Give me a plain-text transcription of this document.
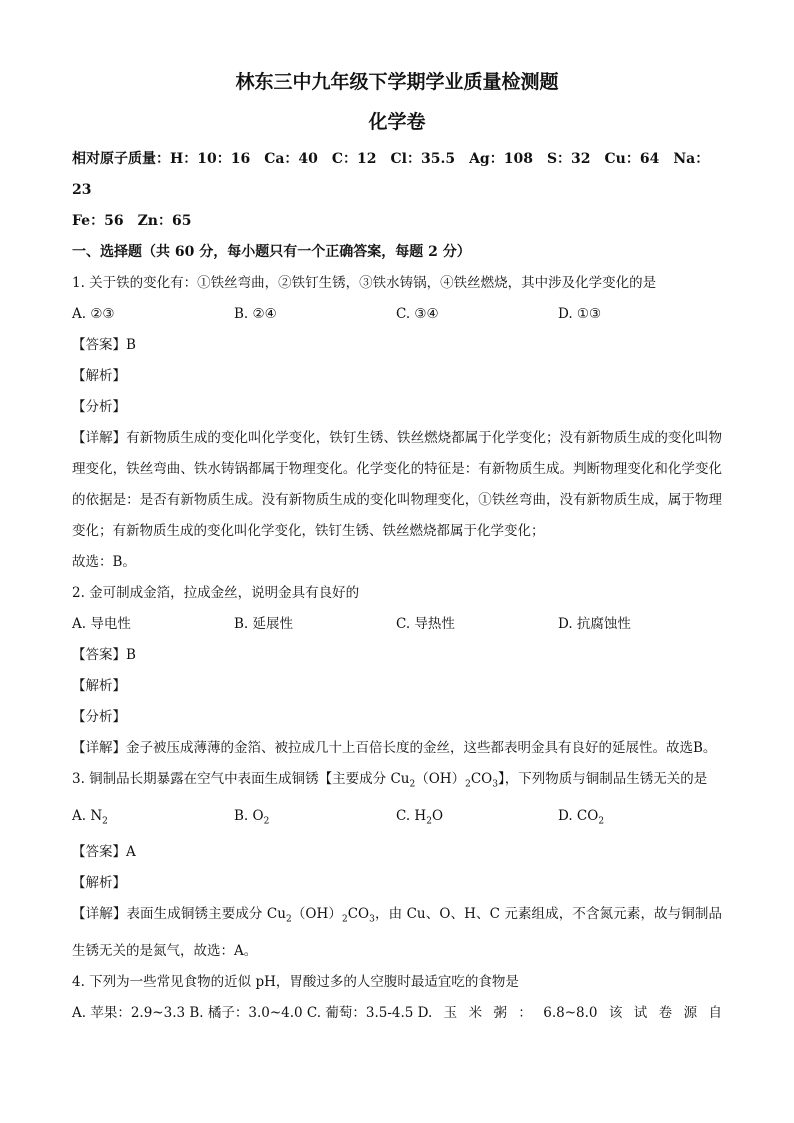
林东三中九年级下学期学业质量检测题
化学卷
相对原子质量：H：10：16　Ca：40　C：12　Cl：35.5　Ag：108　S：32　Cu：64　Na：23
Fe：56　Zn：65
一、选择题（共 60 分，每小题只有一个正确答案，每题 2 分）
1. 关于铁的变化有：①铁丝弯曲，②铁钉生锈，③铁水铸锅，④铁丝燃烧，其中涉及化学变化的是
A. ②③	B. ②④	C. ③④	D. ①③
【答案】B
【解析】
【分析】
【详解】有新物质生成的变化叫化学变化，铁钉生锈、铁丝燃烧都属于化学变化；没有新物质生成的变化叫物理变化，铁丝弯曲、铁水铸锅都属于物理变化。化学变化的特征是：有新物质生成。判断物理变化和化学变化的依据是：是否有新物质生成。没有新物质生成的变化叫物理变化，①铁丝弯曲，没有新物质生成，属于物理变化；有新物质生成的变化叫化学变化，铁钉生锈、铁丝燃烧都属于化学变化；
故选：B。
2. 金可制成金箔，拉成金丝，说明金具有良好的
A. 导电性	B. 延展性	C. 导热性	D. 抗腐蚀性
【答案】B
【解析】
【分析】
【详解】金子被压成薄薄的金箔、被拉成几十上百倍长度的金丝，这些都表明金具有良好的延展性。故选B。
3. 铜制品长期暴露在空气中表面生成铜锈【主要成分 $Cu_2(OH)_2CO_3$】，下列物质与铜制品生锈无关的是
A. $N_2$	B. $O_2$	C. $H_2O$	D. $CO_2$
【答案】A
【解析】
【详解】表面生成铜锈主要成分 $Cu_2(OH)_2CO_3$，由 Cu、O、H、C 元素组成，不含氮元素，故与铜制品生锈无关的是氮气，故选：A。
4. 下列为一些常见食物的近似 pH，胃酸过多的人空腹时最适宜吃的食物是
A. 苹果：2.9~3.3 B. 橘子：3.0~4.0 C. 葡萄：3.5-4.5 D. 玉 米 粥 ： 6.8~8.0 该 试 卷 源 自
